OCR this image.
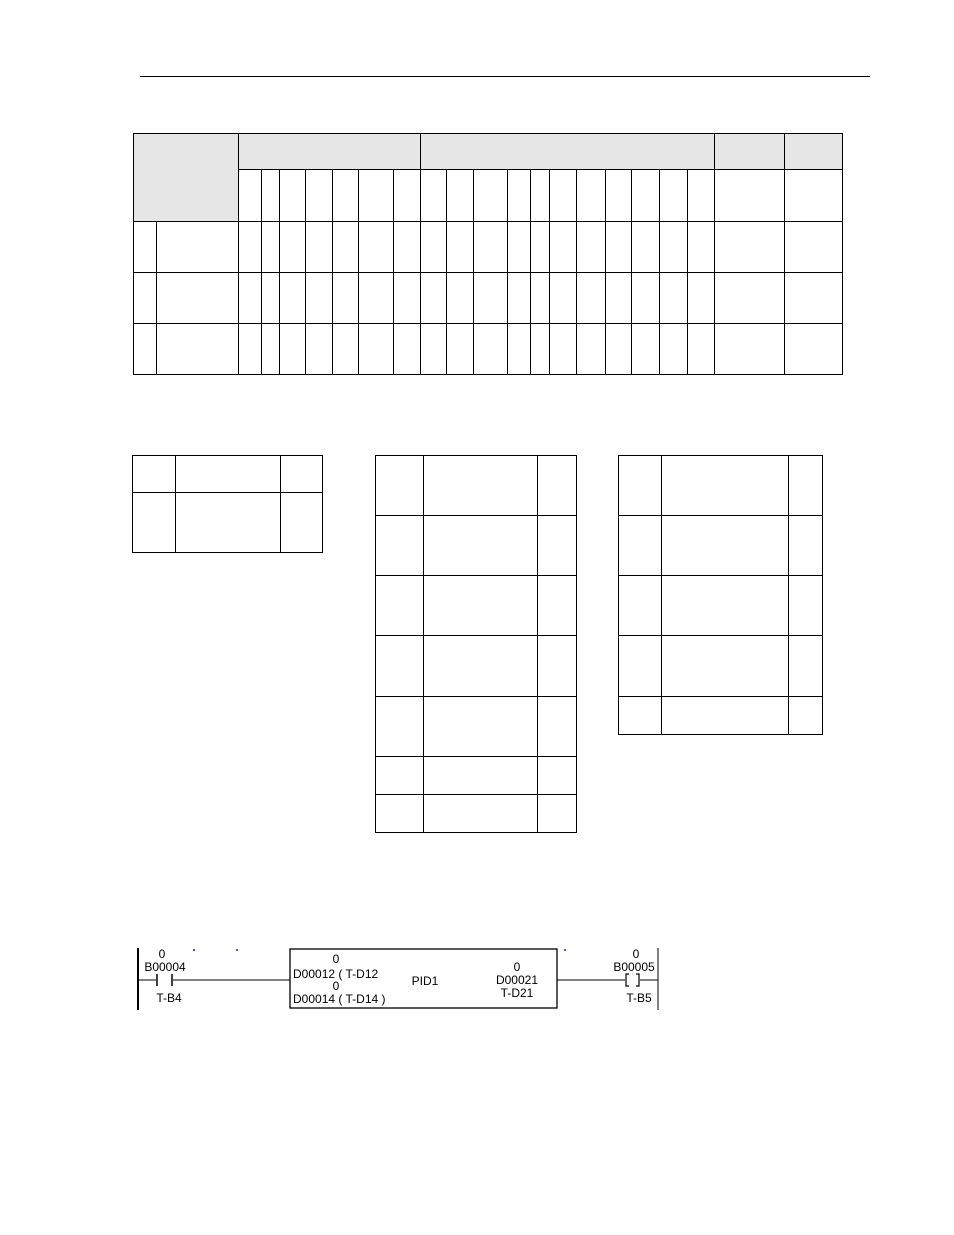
0
B00004
T-B4
0
D00012 ( T-D12
0
D00014 ( T-D14 )
PID1
0
D00021
T-D21
0
B00005
T-B5
